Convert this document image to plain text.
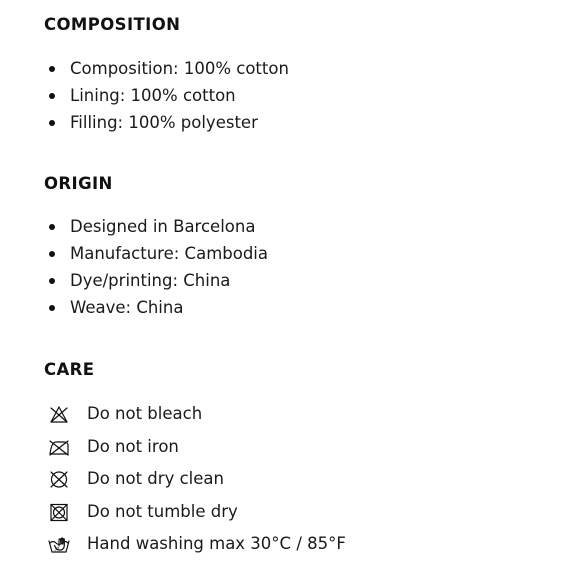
COMPOSITION
Composition: 100% cotton
Lining: 100% cotton
Filling: 100% polyester
ORIGIN
Designed in Barcelona
Manufacture: Cambodia
Dye/printing: China
Weave: China
CARE
Do not bleach
Do not iron
Do not dry clean
Do not tumble dry
30 Hand washing max 30°C / 85°F
